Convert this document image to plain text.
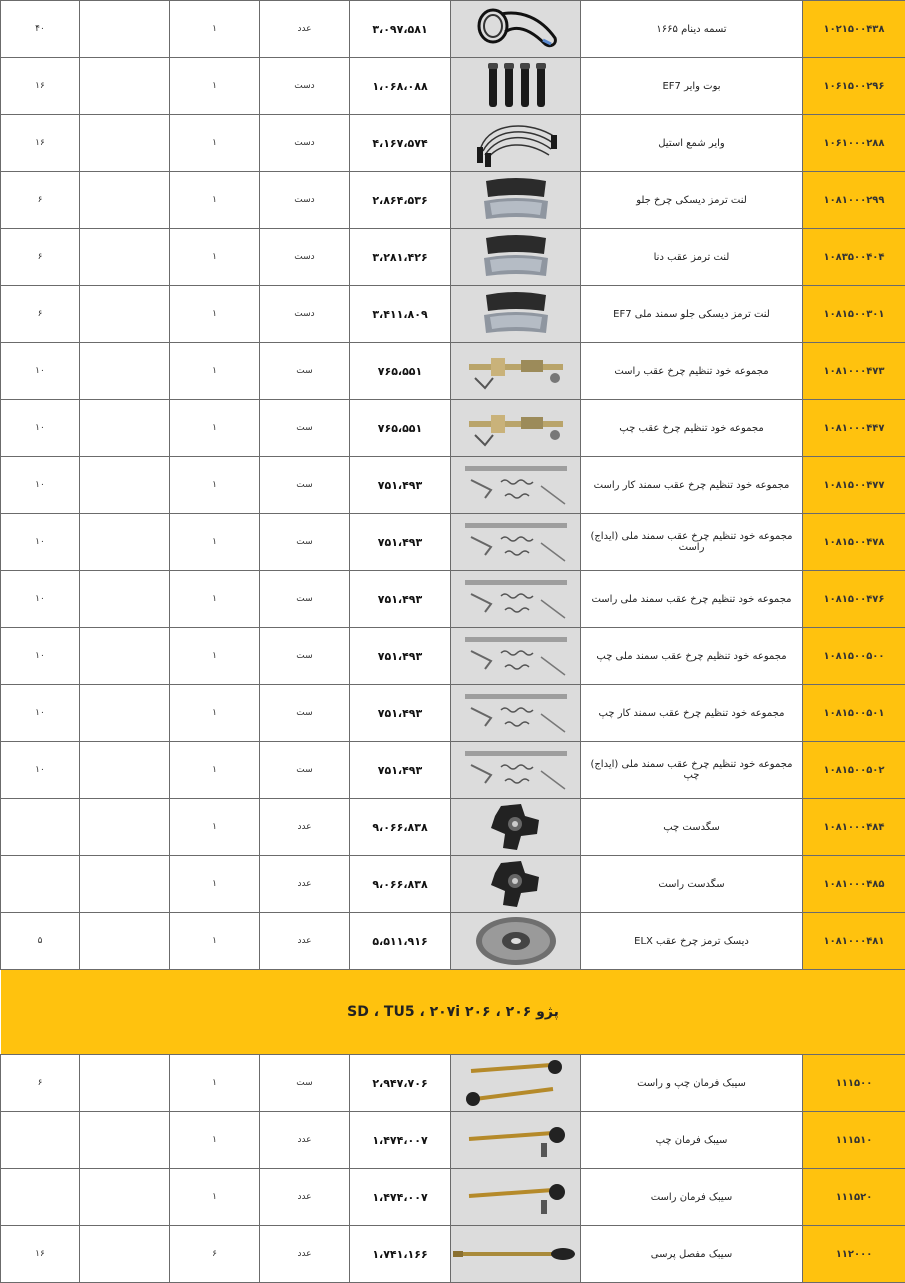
۴۰		۱	عدد	۳،۰۹۷،۵۸۱		تسمه دینام ۱۶۶۵	۱۰۲۱۵۰۰۴۳۸
۱۶		۱	دست	۱،۰۶۸،۰۸۸		بوت وایر EF7	۱۰۶۱۵۰۰۲۹۶
۱۶		۱	دست	۴،۱۶۷،۵۷۴		وایر شمع استیل	۱۰۶۱۰۰۰۲۸۸
۶		۱	دست	۲،۸۶۴،۵۳۶		لنت ترمز دیسکی چرخ جلو	۱۰۸۱۰۰۰۲۹۹
۶		۱	دست	۳،۲۸۱،۴۲۶		لنت ترمز عقب دنا	۱۰۸۳۵۰۰۴۰۴
۶		۱	دست	۳،۴۱۱،۸۰۹		لنت ترمز دیسکی جلو سمند ملی EF7	۱۰۸۱۵۰۰۳۰۱
۱۰		۱	ست	۷۶۵،۵۵۱		مجموعه خود تنظیم چرخ عقب راست	۱۰۸۱۰۰۰۴۷۳
۱۰		۱	ست	۷۶۵،۵۵۱		مجموعه خود تنظیم چرخ عقب چپ	۱۰۸۱۰۰۰۴۴۷
۱۰		۱	ست	۷۵۱،۴۹۳		مجموعه خود تنظیم چرخ عقب سمند کار راست	۱۰۸۱۵۰۰۴۷۷
۱۰		۱	ست	۷۵۱،۴۹۳		مجموعه خود تنظیم چرخ عقب سمند ملی (ایداج) راست	۱۰۸۱۵۰۰۴۷۸
۱۰		۱	ست	۷۵۱،۴۹۳		مجموعه خود تنظیم چرخ عقب سمند ملی راست	۱۰۸۱۵۰۰۴۷۶
۱۰		۱	ست	۷۵۱،۴۹۳		مجموعه خود تنظیم چرخ عقب سمند ملی چپ	۱۰۸۱۵۰۰۵۰۰
۱۰		۱	ست	۷۵۱،۴۹۳		مجموعه خود تنظیم چرخ عقب سمند کار چپ	۱۰۸۱۵۰۰۵۰۱
۱۰		۱	ست	۷۵۱،۴۹۳		مجموعه خود تنظیم چرخ عقب سمند ملی (ایداج) چپ	۱۰۸۱۵۰۰۵۰۲
		۱	عدد	۹،۰۶۶،۸۳۸		سگدست چپ	۱۰۸۱۰۰۰۴۸۴
		۱	عدد	۹،۰۶۶،۸۳۸		سگدست راست	۱۰۸۱۰۰۰۴۸۵
۵		۱	عدد	۵،۵۱۱،۹۱۶		دیسک ترمز چرخ عقب ELX	۱۰۸۱۰۰۰۴۸۱
پژو ۲۰۶ ، ۲۰۶ SD ، TU5 ، ۲۰۷i							
۶		۱	ست	۲،۹۴۷،۷۰۶		سیبک فرمان چپ و راست	۱۱۱۵۰۰
		۱	عدد	۱،۴۷۴،۰۰۷		سیبک فرمان چپ	۱۱۱۵۱۰
		۱	عدد	۱،۴۷۴،۰۰۷		سیبک فرمان راست	۱۱۱۵۲۰
۱۶		۶	عدد	۱،۷۴۱،۱۶۶		سیبک مفصل پرسی	۱۱۲۰۰۰
